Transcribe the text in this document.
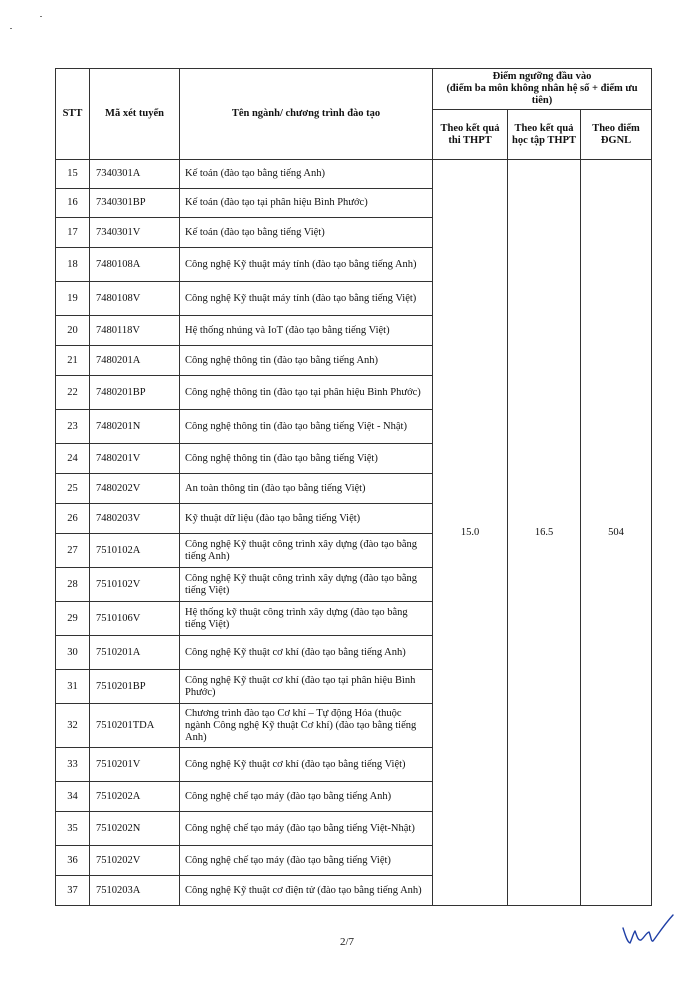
STT	Mã xét tuyển	Tên ngành/ chương trình đào tạo	Điểm ngưỡng đầu vào
(điểm ba môn không nhân hệ số + điểm ưu tiên)		
			Theo kết quả thi THPT	Theo kết quả học tập THPT	Theo điểm ĐGNL
15	7340301A	Kế toán (đào tạo bằng tiếng Anh)	15.0	16.5	504
16	7340301BP	Kế toán (đào tạo tại phân hiệu Bình Phước)			
17	7340301V	Kế toán (đào tạo bằng tiếng Việt)			
18	7480108A	Công nghệ Kỹ thuật máy tính (đào tạo bằng tiếng Anh)			
19	7480108V	Công nghệ Kỹ thuật máy tính (đào tạo bằng tiếng Việt)			
20	7480118V	Hệ thống nhúng và IoT (đào tạo bằng tiếng Việt)			
21	7480201A	Công nghệ thông tin (đào tạo bằng tiếng Anh)			
22	7480201BP	Công nghệ thông tin (đào tạo tại phân hiệu Bình Phước)			
23	7480201N	Công nghệ thông tin (đào tạo bằng tiếng Việt - Nhật)			
24	7480201V	Công nghệ thông tin (đào tạo bằng tiếng Việt)			
25	7480202V	An toàn thông tin (đào tạo bằng tiếng Việt)			
26	7480203V	Kỹ thuật dữ liệu (đào tạo bằng tiếng Việt)			
27	7510102A	Công nghệ Kỹ thuật công trình xây dựng (đào tạo bằng tiếng Anh)			
28	7510102V	Công nghệ Kỹ thuật công trình xây dựng (đào tạo bằng tiếng Việt)			
29	7510106V	Hệ thống kỹ thuật công trình xây dựng (đào tạo bằng tiếng Việt)			
30	7510201A	Công nghệ Kỹ thuật cơ khí (đào tạo bằng tiếng Anh)			
31	7510201BP	Công nghệ Kỹ thuật cơ khí (đào tạo tại phân hiệu Bình Phước)			
32	7510201TDA	Chương trình đào tạo Cơ khí – Tự động Hóa (thuộc ngành Công nghệ Kỹ thuật Cơ khí) (đào tạo bằng tiếng Anh)			
33	7510201V	Công nghệ Kỹ thuật cơ khí (đào tạo bằng tiếng Việt)			
34	7510202A	Công nghệ chế tạo máy (đào tạo bằng tiếng Anh)			
35	7510202N	Công nghệ chế tạo máy (đào tạo bằng tiếng Việt-Nhật)			
36	7510202V	Công nghệ chế tạo máy (đào tạo bằng tiếng Việt)			
37	7510203A	Công nghệ Kỹ thuật cơ điện tử (đào tạo bằng tiếng Anh)			
2/7
